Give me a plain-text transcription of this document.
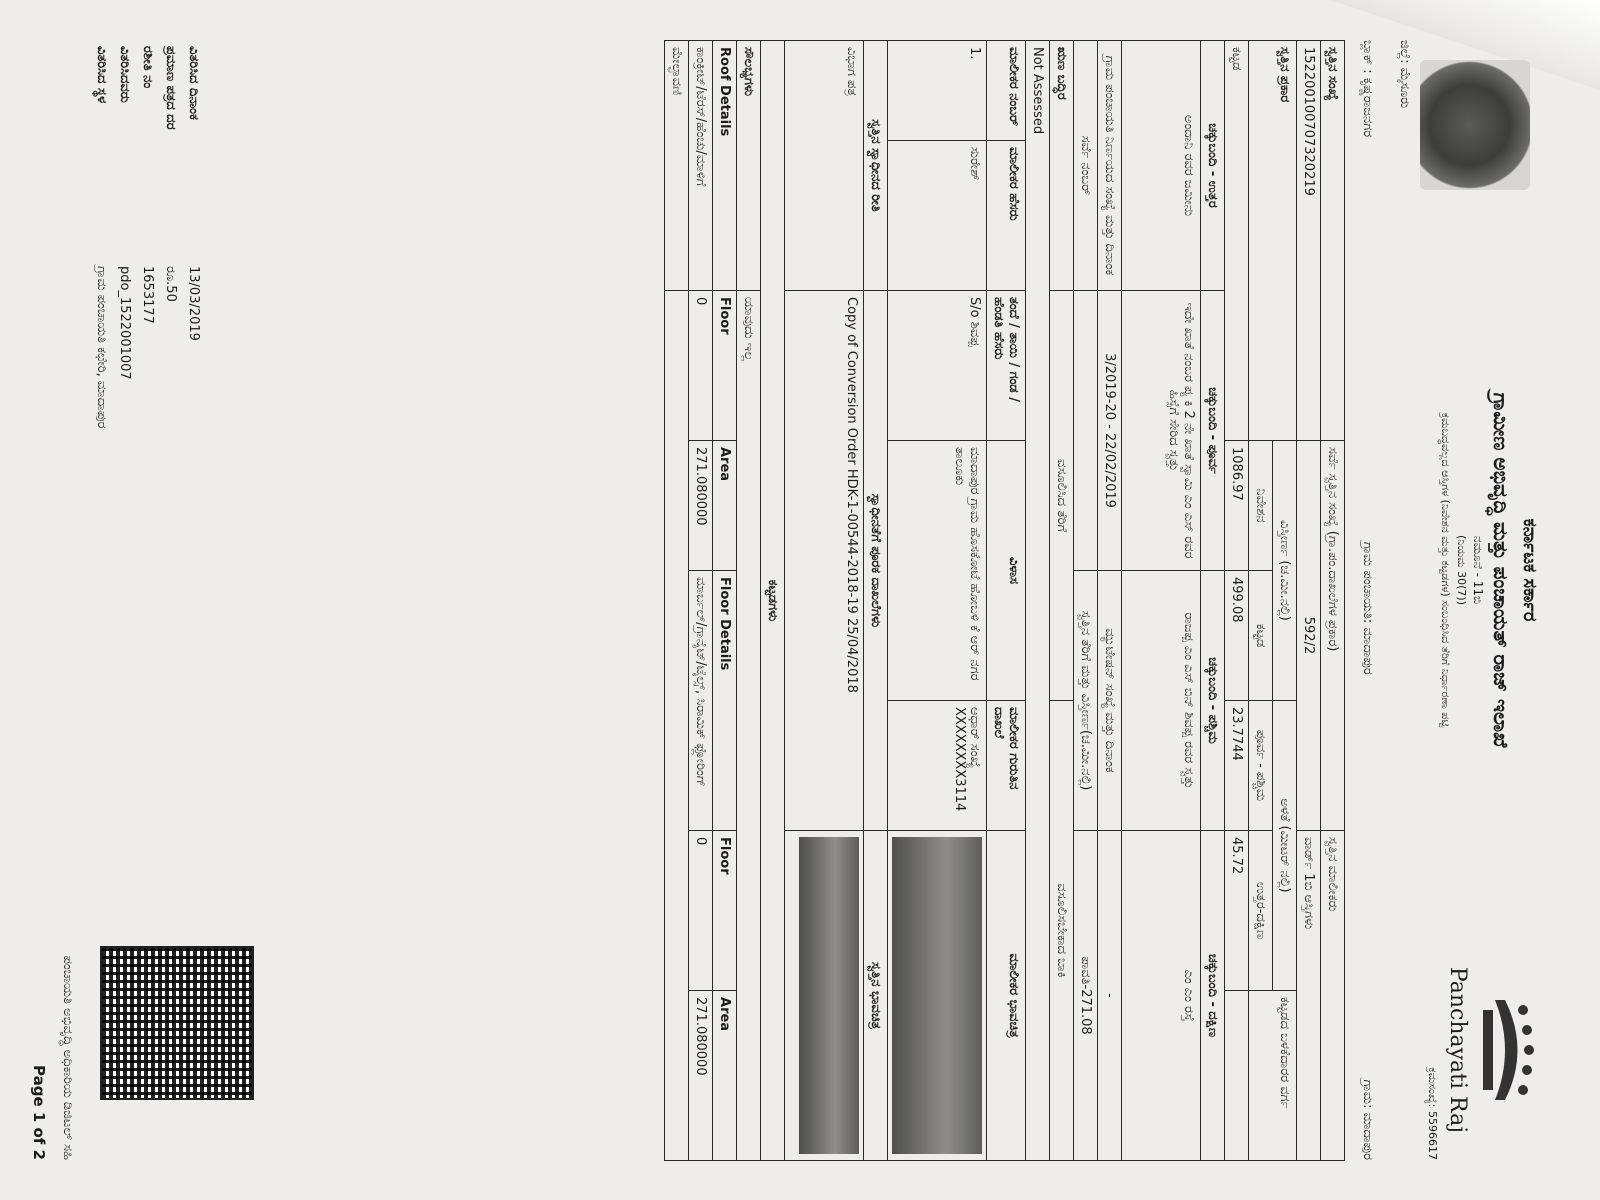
ಜಿಲ್ಲೆ: ಮೈಸೂರು
ಕರ್ನಾಟಕ ಸರ್ಕಾರ
ಗ್ರಾಮೀಣ ಅಭಿವೃದ್ಧಿ ಮತ್ತು ಪಂಚಾಯತ್ ರಾಜ್ ಇಲಾಖೆ
ನಮೂನೆ - 11ಬಿ
(ನಿಯಮ 30(7))
ಕ್ರಮಬದ್ಧವಲ್ಲದ ಆಸ್ತಿಗಳ (ನಿವೇಶನ ಮತ್ತು ಕಟ್ಟಡಗಳ) ಸಂಬಂಧಿಸಿದ ತೆರಿಗೆ ನಿರ್ಧಾರಣಾ ಪಟ್ಟಿ
Panchayati Raj
ಕ್ರಮಸಂಖ್ಯೆ: 5596617
ಬ್ಲಾಕ್ : ಕೃಷ್ಣರಾಜನಗರ
ಗ್ರಾಮ ಪಂಚಾಯತಿ: ಮಾದಾಪುರ
ಗ್ರಾಮ: ಮಾದಾಪುರ
ಸ್ವತ್ತಿನ ಸಂಖ್ಯೆ			ಸರ್ವೆ ಸ್ವತ್ತಿನ ಸಂಖ್ಯೆ (ಗ್ರಾ.ಪಂ.ದಾಖಲೆಗಳ ಪ್ರಕಾರ)			ಸ್ವತ್ತಿನ ಮಾಲೀಕರು	
152200100707320219			592/2			ವಾರ್ಡ್ 1ಬಿ ಆಸ್ತಿಗಳು	
ಸ್ವತ್ತಿನ ಪ್ರಕಾರ			ವಿಸ್ತೀರ್ಣ (ಚ.ಮೀ.ನಲ್ಲಿ)		ಅಳತೆ (ಮೀಟರ್ ನಲ್ಲಿ)		ಕಟ್ಟಡದ ಬಳಕೆದಾರರ ವರ್ಗ
			ನಿವೇಶನ	ಕಟ್ಟಡ	ಪೂರ್ವ - ಪಶ್ಚಿಮ	ಉತ್ತರ-ದಕ್ಷಿಣ	
ಕಟ್ಟಡ			1086.97	499.08	23.7744	45.72	
ಚಕ್ಕುಬಂದಿ - ಉತ್ತರ		ಚಕ್ಕುಬಂದಿ - ಪೂರ್ವ		ಚಕ್ಕುಬಂದಿ - ಪಶ್ಚಿಮ		ಚಕ್ಕುಬಂದಿ - ದಕ್ಷಿಣ	
ಅಂದಾನಿ ರವರ ಜಮೀನು		ಇದೇ ಖಾತೆ ನಂಬರ ಪ್ಯ ಕಿ 2 ನೇ ಖಾತೆ ಸ್ವಾಮಿ ಎಂ ಎಸ್ ರವರ ಹಿಸ್ಸೆಗೆ ಸೇರಿದ ಸ್ವತ್ತು		ರಾಜಪ್ಪ ಎಂ ಎಸ್ ಬಿನ್ ಶಿವಪ್ಪ ರವರ ಸ್ವತ್ತು		ಎಂ ಎಂ ರಸ್ತೆ	
ಗ್ರಾಮ ಪಂಚಾಯತಿ ನಿರ್ಣಯದ ಸಂಖ್ಯೆ ಮತ್ತು ದಿನಾಂಕ		3/2019-20 - 22/02/2019		ಮ್ಯುಟೇಷನ್ ಸಂಖ್ಯೆ ಮತ್ತು ದಿನಾಂಕ		-	
ಸರ್ವೆ ನಂಬರ್				ಸ್ವತ್ತಿನ ತೆರಿಗೆ ಮತ್ತು ವಿಸ್ತೀರ್ಣ(ಚ.ಮೀ.ನಲ್ಲಿ)		ಪಾವತಿ-271.08	
ಋಣ ಬದ್ಧಿರ		ವಸೂಲಿಸಿದ ತೆರಿಗೆ			ವಸೂಲಿಸಬೇಕಾದ ಬಾಕಿ		
Not Assessed							
ಮಾಲೀಕರ ನಂಬರ್	ಮಾಲೀಕರ ಹೆಸರು	ತಂದೆ / ತಾಯಿ / ಗಂಡ / ಹೆಂಡತಿ ಹೆಸರು	ವಿಳಾಸ		ಮಾಲೀಕರ ಗುರುತಿನ ದಾಖಲೆ	ಮಾಲೀಕರ ಭಾವಚಿತ್ರ	
1.	ಸುರೇಶ್	S/o ಶಿವಪ್ಪ	ಮಾದಾಪುರ ಗ್ರಾಮ ಹೊಸಕೋಟೆ ಹೋಬಳಿ ಕೆ ಆರ್ ನಗರ ತಾಲೂಕು		ಆಧಾರ್ ಸಂಖ್ಯೆ XXXXXXXX3114		

ಸ್ವತ್ತಿನ ಸ್ವಾಧೀನದ ರೀತಿ		ಸ್ವಾಧೀನತೆಗೆ ಪೂರಕ ದಾಖಲೆಗಳು				ಸ್ವತ್ತಿನ ಭಾವಚಿತ್ರ	
ವಿಭಾಗ ಪತ್ರ		Copy of Conversion Order HDK-1-00544-2018-19 25/04/2018					

ಕಟ್ಟಡಗಳು							
ಸೌಲಭ್ಯಗಳು		ಯಾವುದು ಇಲ್ಲ					
Roof Details		Floor	Area	Floor Details		Floor	Area
ಕಾಂಕ್ರೀಟ್/ಟೆರಸ್/ಹೆಂಚು/ಮಾಳಿಗೆ		0	271.080000	ಮಾರ್ಬಲ್/ಗ್ರಾನೈಟ್/ಟೈಲ್ಸ್, ಸಿರಾಮಿಕ್ ಫ್ಲೋರಿಂಗ್		0	271.080000
ಮೇಲ್ಛಾವಣಿ							
ವಿತರಿಸಿದ ದಿನಾಂಕ	13/03/2019
ಪ್ರಮಾಣ ಪತ್ರದ ದರ	ರೂ.50
ರಶೀತಿ ನಂ	1653177
ವಿತರಿಸಿದವರು	pdo_1522001007
ವಿತರಿಸಿದ ಸ್ಥಳ	ಗ್ರಾಮ ಪಂಚಾಯತಿ ಕಛೇರಿ, ಮಾದಾಪುರ
ಪಂಚಾಯತಿ ಅಭಿವೃದ್ಧಿ ಅಧಿಕಾರಿಯ ಡಿಜಿಟಲ್ ಸಹಿ
Page 1 of 2
